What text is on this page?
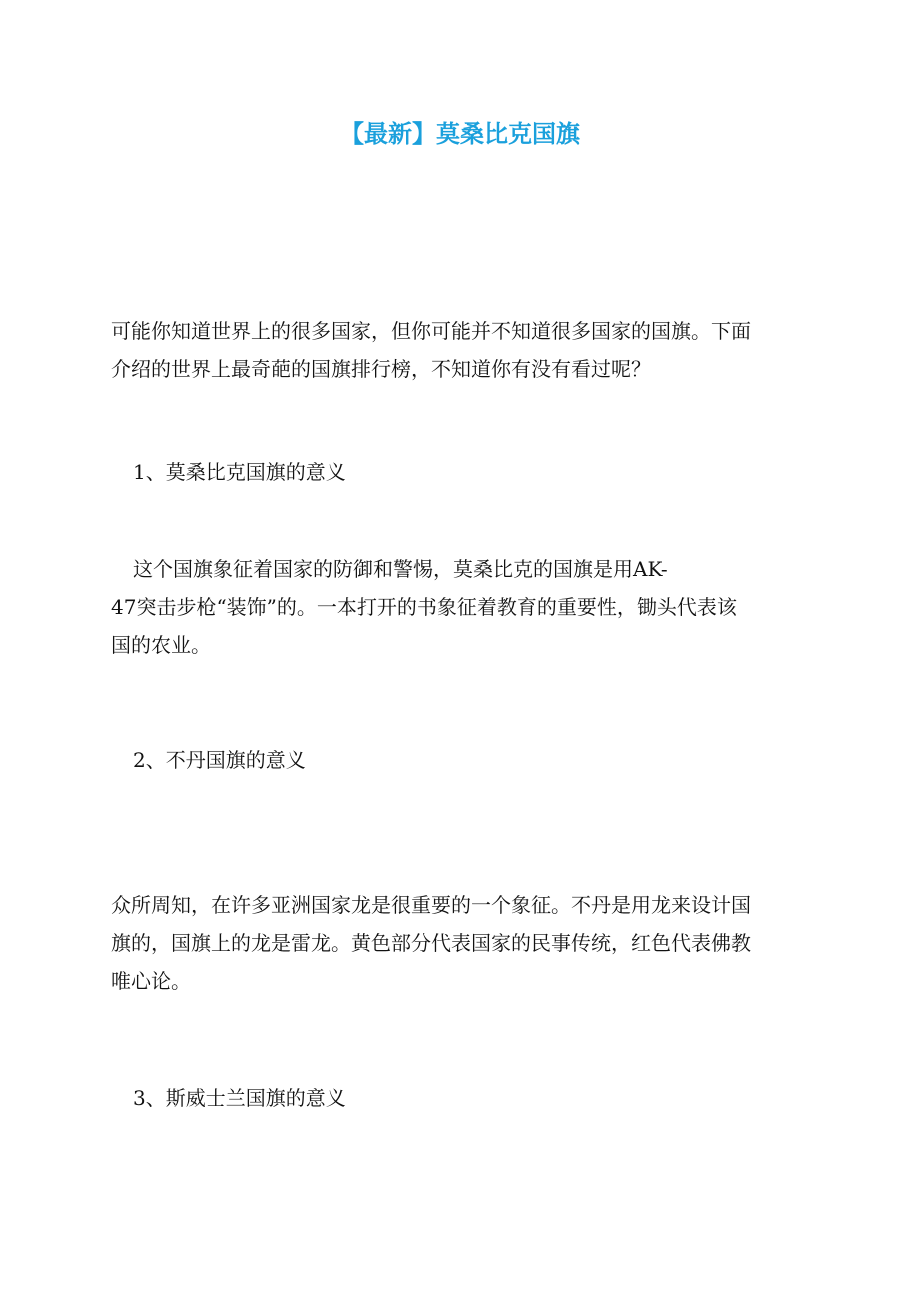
【最新】莫桑比克国旗

可能你知道世界上的很多国家，但你可能并不知道很多国家的国旗。下面
介绍的世界上最奇葩的国旗排行榜，不知道你有没有看过呢？

1、莫桑比克国旗的意义

这个国旗象征着国家的防御和警惕，莫桑比克的国旗是用AK-
47突击步枪“装饰”的。一本打开的书象征着教育的重要性，锄头代表该
国的农业。

2、不丹国旗的意义

众所周知，在许多亚洲国家龙是很重要的一个象征。不丹是用龙来设计国
旗的，国旗上的龙是雷龙。黄色部分代表国家的民事传统，红色代表佛教
唯心论。

3、斯威士兰国旗的意义
